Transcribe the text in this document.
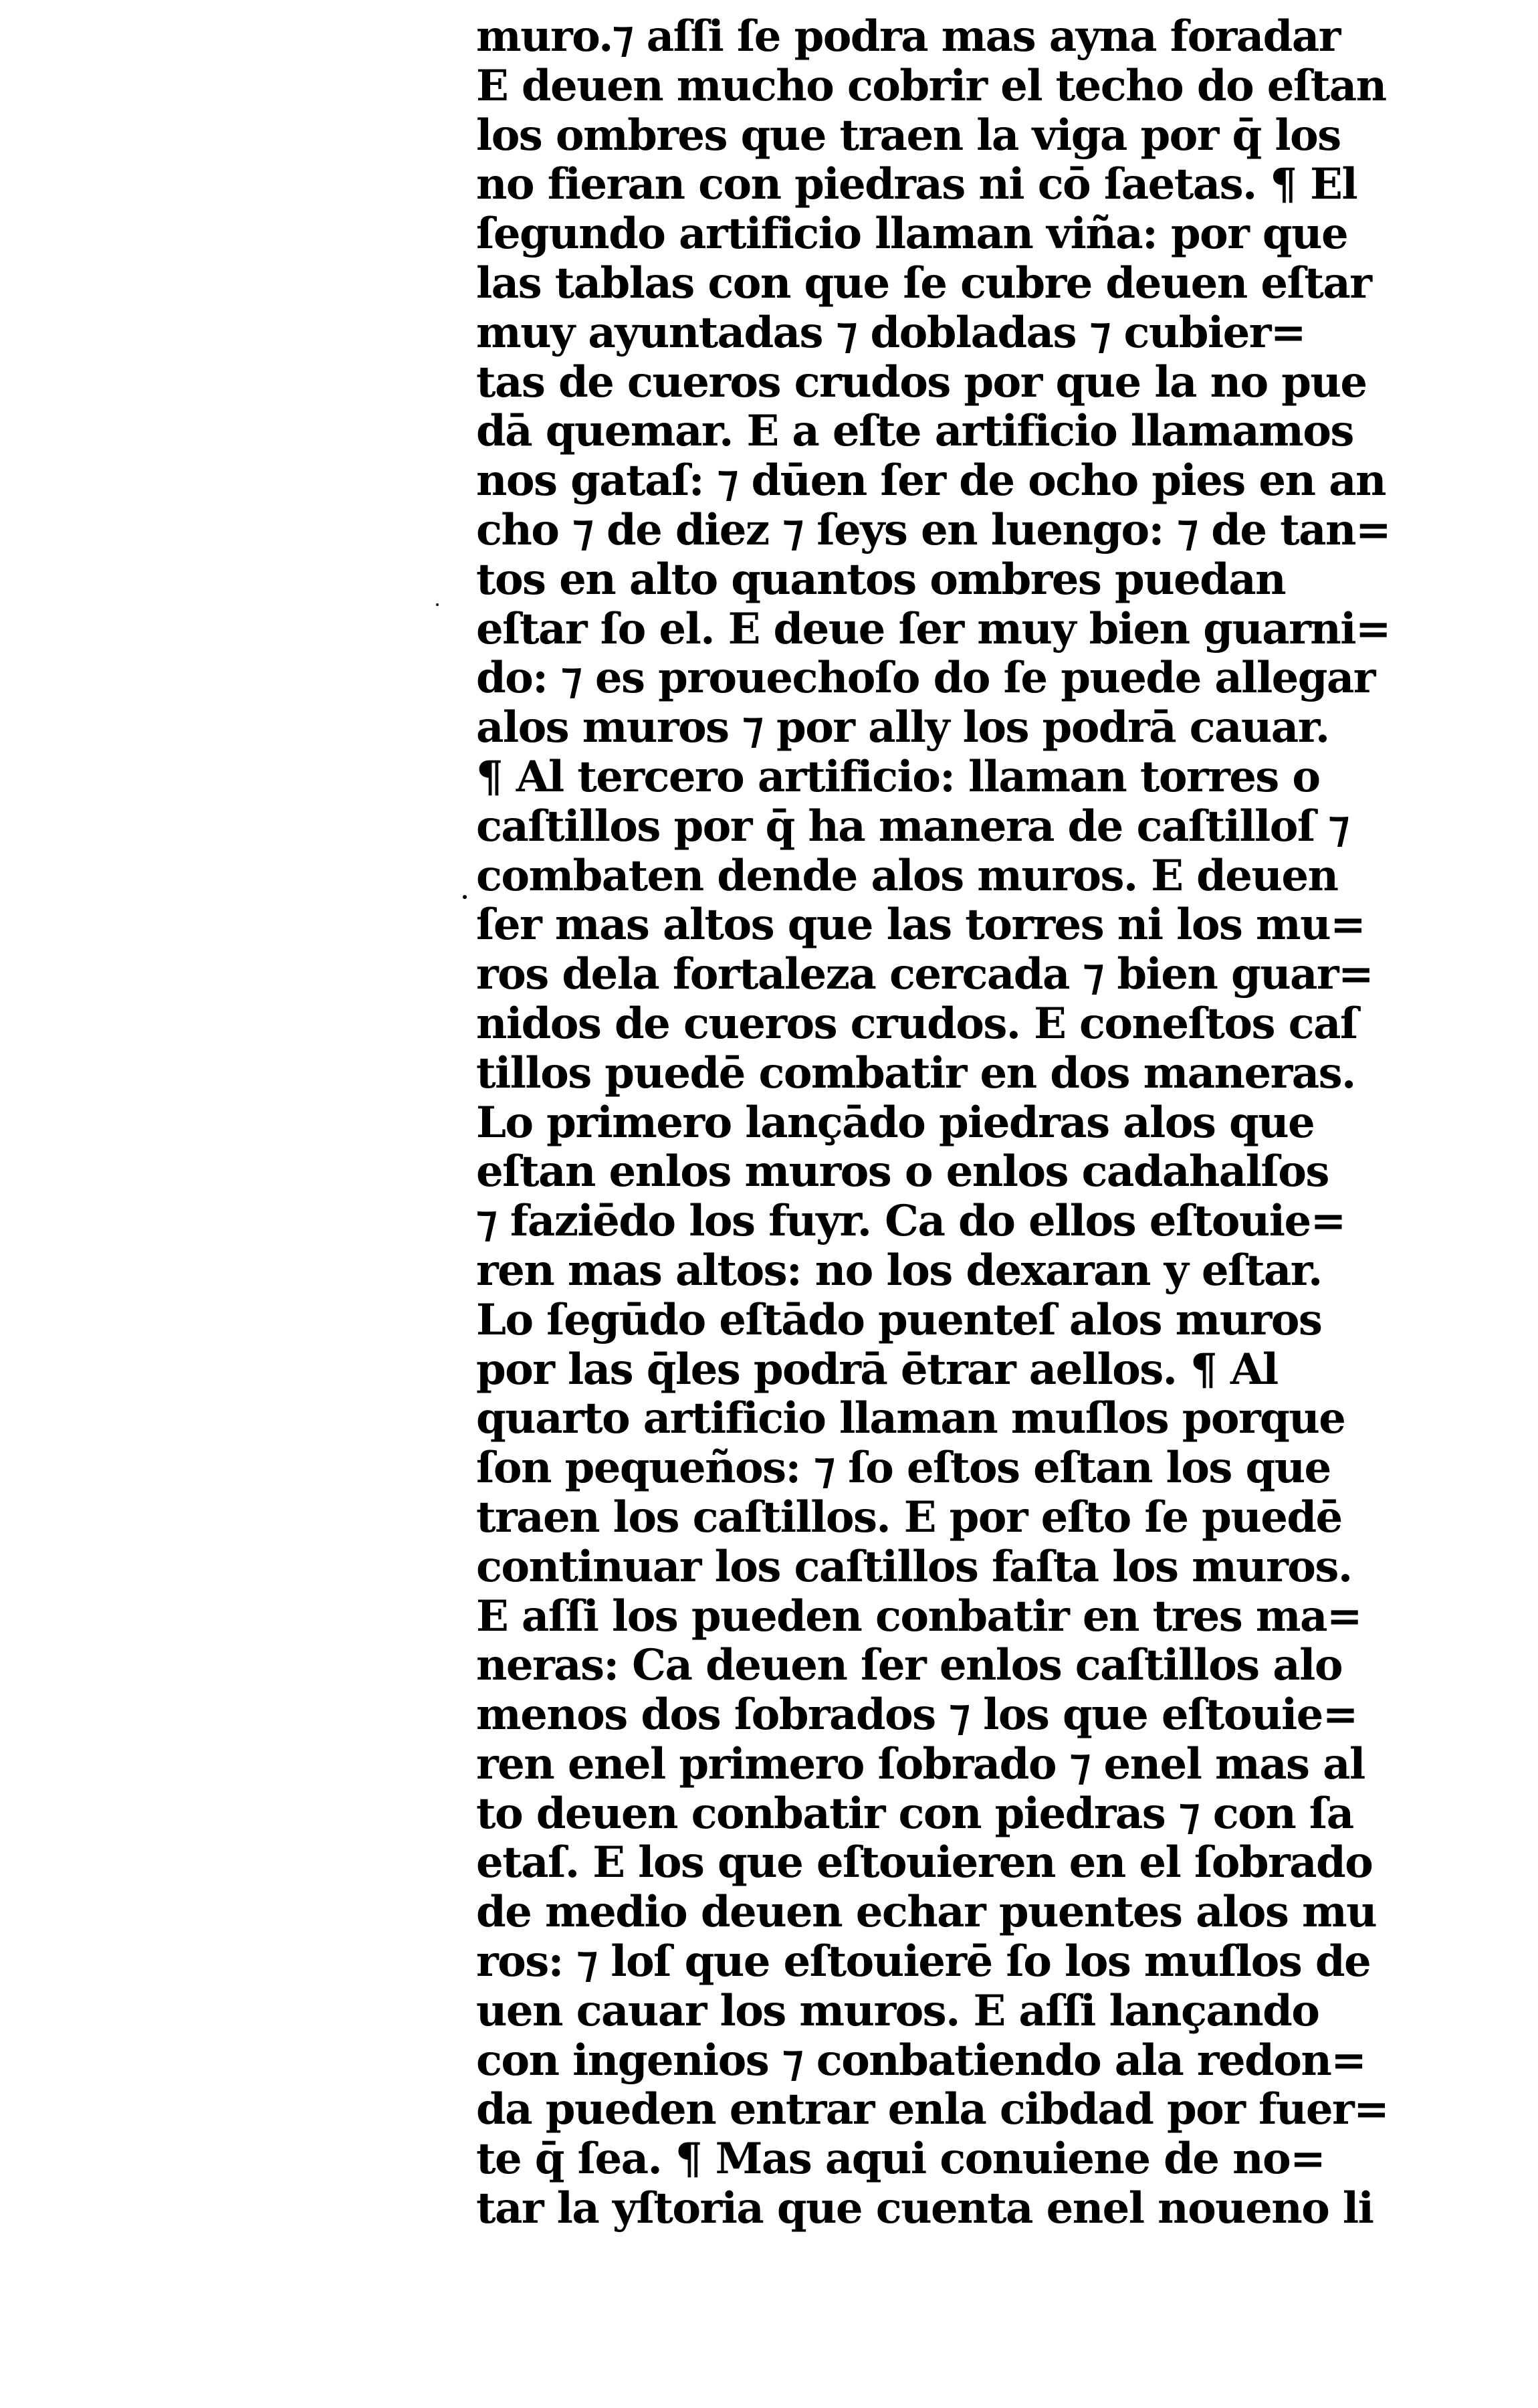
muro.⁊ aſſi ſe podra mas ayna foradar
E deuen mucho cobrir el techo do eſtan
los ombres que traen la viga por q̄ los
no fieran con piedras ni cō ſaetas. ¶ El
ſegundo artificio llaman viña: por que
las tablas con que ſe cubre deuen eſtar
muy ayuntadas ⁊ dobladas ⁊ cubier=
tas de cueros crudos por que la no pue
dā quemar. E a eſte artificio llamamos
nos gataſ: ⁊ dūen ſer de ocho pies en an
cho ⁊ de diez ⁊ ſeys en luengo: ⁊ de tan=
tos en alto quantos ombres puedan
eſtar ſo el. E deue ſer muy bien guarni=
do: ⁊ es prouechoſo do ſe puede allegar
alos muros ⁊ por ally los podrā cauar.
¶ Al tercero artificio: llaman torres o
caſtillos por q̄ ha manera de caſtilloſ ⁊
combaten dende alos muros. E deuen
ſer mas altos que las torres ni los mu=
ros dela fortaleza cercada ⁊ bien guar=
nidos de cueros crudos. E coneſtos caſ
tillos puedē combatir en dos maneras.
Lo primero lançādo piedras alos que
eſtan enlos muros o enlos cadahalſos
⁊ faziēdo los fuyr. Ca do ellos eſtouie=
ren mas altos: no los dexaran y eſtar.
Lo ſegūdo eſtādo puenteſ alos muros
por las q̄les podrā ētrar aellos. ¶ Al
quarto artificio llaman muſlos porque
ſon pequeños: ⁊ ſo eſtos eſtan los que
traen los caſtillos. E por eſto ſe puedē
continuar los caſtillos faſta los muros.
E aſſi los pueden conbatir en tres ma=
neras: Ca deuen ſer enlos caſtillos alo
menos dos ſobrados ⁊ los que eſtouie=
ren enel primero ſobrado ⁊ enel mas al
to deuen conbatir con piedras ⁊ con ſa
etaſ. E los que eſtouieren en el ſobrado
de medio deuen echar puentes alos mu
ros: ⁊ loſ que eſtouierē ſo los muſlos de
uen cauar los muros. E aſſi lançando
con ingenios ⁊ conbatiendo ala redon=
da pueden entrar enla cibdad por fuer=
te q̄ ſea. ¶ Mas aqui conuiene de no=
tar la yſtoria que cuenta enel noueno li
